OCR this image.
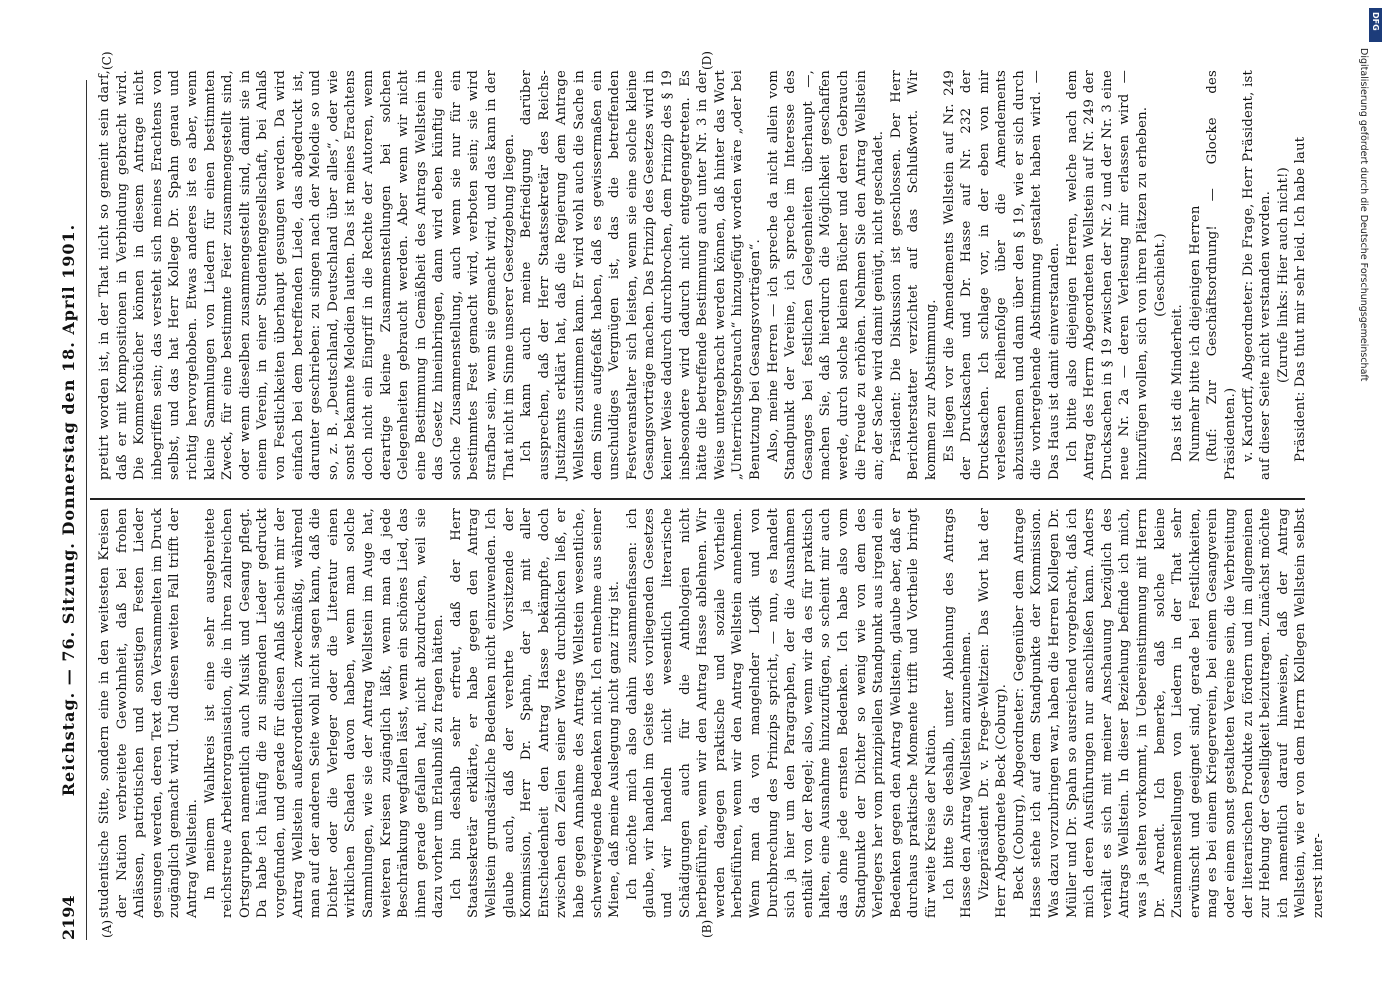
2194
Reichstag. — 76. Sitzung. Donnerstag den 18. April 1901.
(A)	(B)
(C)	(D)

studentische Sitte, sondern eine in den weitesten Kreisen der Nation verbreitete Gewohnheit, daß bei frohen Anlässen, patriotischen und sonstigen Festen Lieder gesungen werden, deren Text den Versammelten im Druck zugänglich gemacht wird. Und diesen weiten Fall trifft der Antrag Wellstein. In meinem Wahlkreis ist eine sehr ausgebreitete reichstreue Arbeiterorganisation, die in ihren zahlreichen Ortsgruppen namentlich auch Musik und Gesang pflegt. Da habe ich häufig die zu singenden Lieder gedruckt vorgefunden, und gerade für diesen Anlaß scheint mir der Antrag Wellstein außerordentlich zweckmäßig, während man auf der anderen Seite wohl nicht sagen kann, daß die Dichter oder die Verleger oder die Literatur einen wirklichen Schaden davon haben, wenn man solche Sammlungen, wie sie der Antrag Wellstein im Auge hat, weiteren Kreisen zugänglich läßt, wenn man da jede Beschränkung wegfallen lässt, wenn ein schönes Lied, das ihnen gerade gefallen hat, nicht abzudrucken, weil sie dazu vorher um Erlaubniß zu fragen hätten. Ich bin deshalb sehr erfreut, daß der Herr Staatssekretär erklärte, er habe gegen den Antrag Wellstein grundsätzliche Bedenken nicht einzuwenden. Ich glaube auch, daß der verehrte Vorsitzende der Kommission, Herr Dr. Spahn, der ja mit aller Entschiedenheit den Antrag Hasse bekämpfte, doch zwischen den Zeilen seiner Worte durchblicken ließ, er habe gegen Annahme des Antrags Wellstein wesentliche, schwerwiegende Bedenken nicht. Ich entnehme aus seiner Miene, daß meine Auslegung nicht ganz irrig ist. Ich möchte mich also dahin zusammenfassen: ich glaube, wir handeln im Geiste des vorliegenden Gesetzes und wir handeln nicht wesentlich literarische Schädigungen auch für die Anthologien nicht herbeiführen, wenn wir den Antrag Hasse ablehnen. Wir werden dagegen praktische und soziale Vortheile herbeiführen, wenn wir den Antrag Wellstein annehmen. Wenn man da von mangelnder Logik und von Durchbrechung des Prinzips spricht, — nun, es handelt sich ja hier um den Paragraphen, der die Ausnahmen enthält von der Regel; also, wenn wir da es für praktisch halten, eine Ausnahme hinzuzufügen, so scheint mir auch das ohne jede ernsten Bedenken. Ich habe also vom Standpunkte der Dichter so wenig wie von dem des Verlegers her vom prinzipiellen Standpunkt aus irgend ein Bedenken gegen den Antrag Wellstein, glaube aber, daß er durchaus praktische Momente trifft und Vortheile bringt für weite Kreise der Nation. Ich bitte Sie deshalb, unter Ablehnung des Antrags Hasse den Antrag Wellstein anzunehmen. Vizepräsident Dr. v. Frege-Weltzien: Das Wort hat der Herr Abgeordnete Beck (Coburg). Beck (Coburg), Abgeordneter: Gegenüber dem Antrage Hasse stehe ich auf dem Standpunkte der Kommission. Was dazu vorzubringen war, haben die Herren Kollegen Dr. Müller und Dr. Spahn so ausreichend vorgebracht, daß ich mich deren Ausführungen nur anschließen kann. Anders verhält es sich mit meiner Anschauung bezüglich des Antrags Wellstein. In dieser Beziehung befinde ich mich, was ja selten vorkommt, in Uebereinstimmung mit Herrn Dr. Arendt. Ich bemerke, daß solche kleine Zusammenstellungen von Liedern in der That sehr erwünscht und geeignet sind, gerade bei Festlichkeiten, mag es bei einem Kriegerverein, bei einem Gesangverein oder einem sonst gestalteten Vereine sein, die Verbreitung der literarischen Produkte zu fördern und im allgemeinen zur Hebung der Geselligkeit beizutragen. Zunächst möchte ich namentlich darauf hinweisen, daß der Antrag Wellstein, wie er von dem Herrn Kollegen Wellstein selbst zuerst inter-

pretirt worden ist, in der That nicht so gemeint sein darf, daß er mit Kompositionen in Verbindung gebracht wird. Die Kommersbücher können in diesem Antrage nicht inbegriffen sein; das versteht sich meines Erachtens von selbst, und das hat Herr Kollege Dr. Spahn genau und richtig hervorgehoben. Etwas anderes ist es aber, wenn kleine Sammlungen von Liedern für einen bestimmten Zweck, für eine bestimmte Feier zusammengestellt sind, oder wenn dieselben zusammengestellt sind, damit sie in einem Verein, in einer Studentengesellschaft, bei Anlaß von Festlichkeiten überhaupt gesungen werden. Da wird einfach bei dem betreffenden Liede, das abgedruckt ist, darunter geschrieben: zu singen nach der Melodie so und so, z. B. „Deutschland, Deutschland über alles“, oder wie sonst bekannte Melodien lauten. Das ist meines Erachtens doch nicht ein Eingriff in die Rechte der Autoren, wenn derartige kleine Zusammenstellungen bei solchen Gelegenheiten gebraucht werden. Aber wenn wir nicht eine Bestimmung in Gemäßheit des Antrags Wellstein in das Gesetz hineinbringen, dann wird eben künftig eine solche Zusammenstellung, auch wenn sie nur für ein bestimmtes Fest gemacht wird, verboten sein; sie wird strafbar sein, wenn sie gemacht wird, und das kann in der That nicht im Sinne unserer Gesetzgebung liegen. Ich kann auch meine Befriedigung darüber aussprechen, daß der Herr Staatssekretär des Reichs-Justizamts erklärt hat, daß die Regierung dem Antrage Wellstein zustimmen kann. Er wird wohl auch die Sache in dem Sinne aufgefaßt haben, daß es gewissermaßen ein unschuldiges Vergnügen ist, das die betreffenden Festveranstalter sich leisten, wenn sie eine solche kleine Gesangsvorträge machen. Das Prinzip des Gesetzes wird in keiner Weise dadurch durchbrochen, dem Prinzip des § 19 insbesondere wird dadurch nicht entgegengetreten. Es hätte die betreffende Bestimmung auch unter Nr. 3 in der Weise untergebracht werden können, daß hinter das Wort „Unterrichtsgebrauch“ hinzugefügt worden wäre „oder bei Benutzung bei Gesangsvorträgen“. Also, meine Herren — ich spreche da nicht allein vom Standpunkt der Vereine, ich spreche im Interesse des Gesanges bei festlichen Gelegenheiten überhaupt —, machen Sie, daß hierdurch die Möglichkeit geschaffen werde, durch solche kleinen Bücher und deren Gebrauch die Freude zu erhöhen. Nehmen Sie den Antrag Wellstein an; der Sache wird damit genügt, nicht geschadet. Präsident: Die Diskussion ist geschlossen. Der Herr Berichterstatter verzichtet auf das Schlußwort. Wir kommen zur Abstimmung. Es liegen vor die Amendements Wellstein auf Nr. 249 der Drucksachen und Dr. Hasse auf Nr. 232 der Drucksachen. Ich schlage vor, in der eben von mir verlesenen Reihenfolge über die Amendements abzustimmen und dann über den § 19, wie er sich durch die vorhergehende Abstimmung gestaltet haben wird. — Das Haus ist damit einverstanden. Ich bitte also diejenigen Herren, welche nach dem Antrag des Herrn Abgeordneten Wellstein auf Nr. 249 der Drucksachen in § 19 zwischen der Nr. 2 und der Nr. 3 eine neue Nr. 2a — deren Verlesung mir erlassen wird — hinzufügen wollen, sich von ihren Plätzen zu erheben. (Geschieht.)

Das ist die Minderheit. Nunmehr bitte ich diejenigen Herren (Ruf: Zur Geschäftsordnung! — Glocke des Präsidenten.) v. Kardorff, Abgeordneter: Die Frage, Herr Präsident, ist auf dieser Seite nicht verstanden worden. (Zurufe links: Hier auch nicht!) Präsident: Das thut mir sehr leid. Ich habe laut

DFG
Digitalisierung gefördert durch die Deutsche Forschungsgemeinschaft
